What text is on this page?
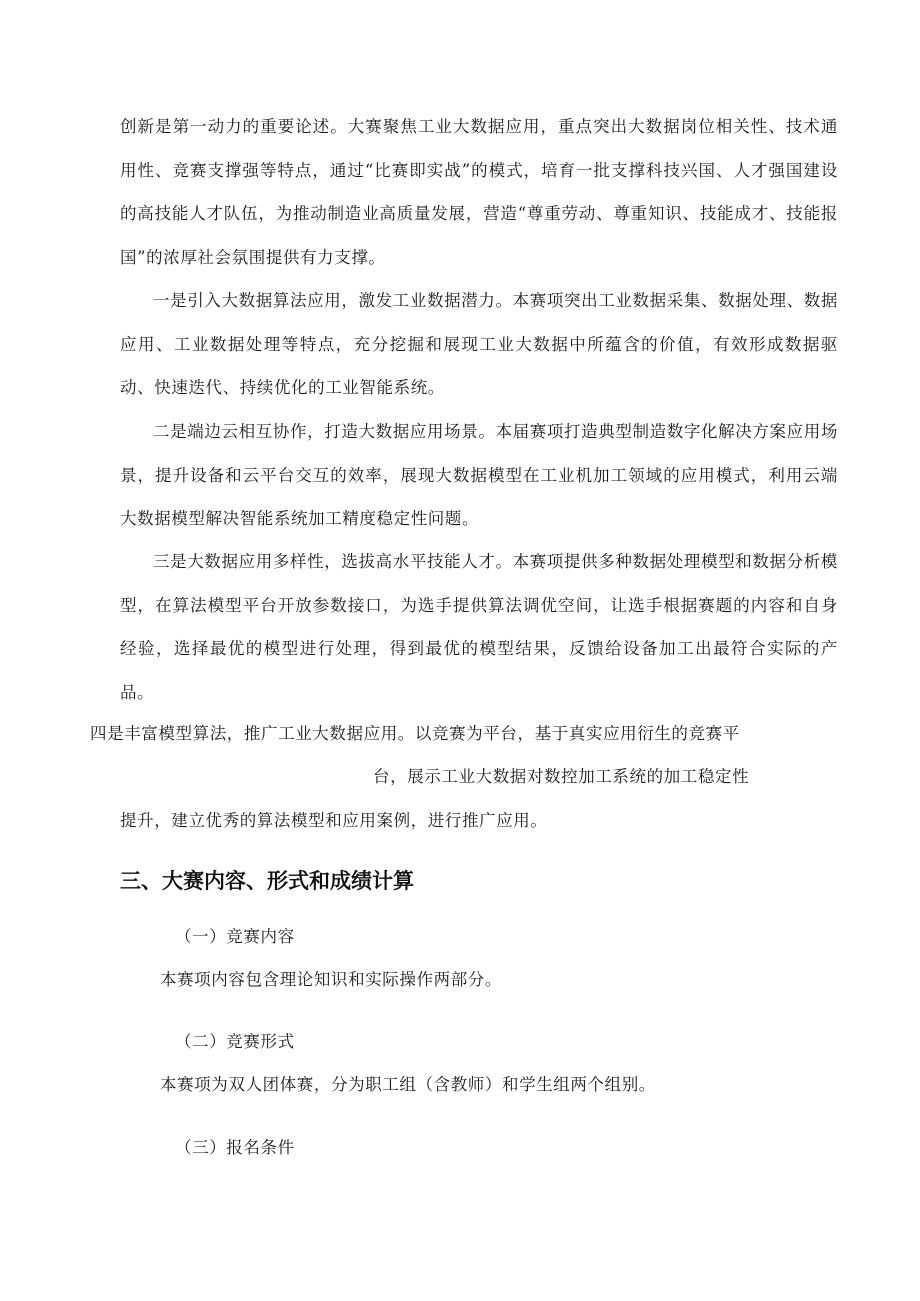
创新是第一动力的重要论述。大赛聚焦工业大数据应用，重点突出大数据岗位相关性、技术通用性、竞赛支撑强等特点，通过“比赛即实战”的模式，培育一批支撑科技兴国、人才强国建设的高技能人才队伍，为推动制造业高质量发展，营造“尊重劳动、尊重知识、技能成才、技能报国”的浓厚社会氛围提供有力支撑。

一是引入大数据算法应用，激发工业数据潜力。本赛项突出工业数据采集、数据处理、数据应用、工业数据处理等特点，充分挖掘和展现工业大数据中所蕴含的价值，有效形成数据驱动、快速迭代、持续优化的工业智能系统。

二是端边云相互协作，打造大数据应用场景。本届赛项打造典型制造数字化解决方案应用场景，提升设备和云平台交互的效率，展现大数据模型在工业机加工领域的应用模式，利用云端大数据模型解决智能系统加工精度稳定性问题。

三是大数据应用多样性，选拔高水平技能人才。本赛项提供多种数据处理模型和数据分析模型，在算法模型平台开放参数接口，为选手提供算法调优空间，让选手根据赛题的内容和自身经验，选择最优的模型进行处理，得到最优的模型结果，反馈给设备加工出最符合实际的产品。

四是丰富模型算法，推广工业大数据应用。以竞赛为平台，基于真实应用衍生的竞赛平

台，展示工业大数据对数控加工系统的加工稳定性

提升，建立优秀的算法模型和应用案例，进行推广应用。

三、大赛内容、形式和成绩计算

（一）竞赛内容

本赛项内容包含理论知识和实际操作两部分。

（二）竞赛形式

本赛项为双人团体赛，分为职工组（含教师）和学生组两个组别。

（三）报名条件
